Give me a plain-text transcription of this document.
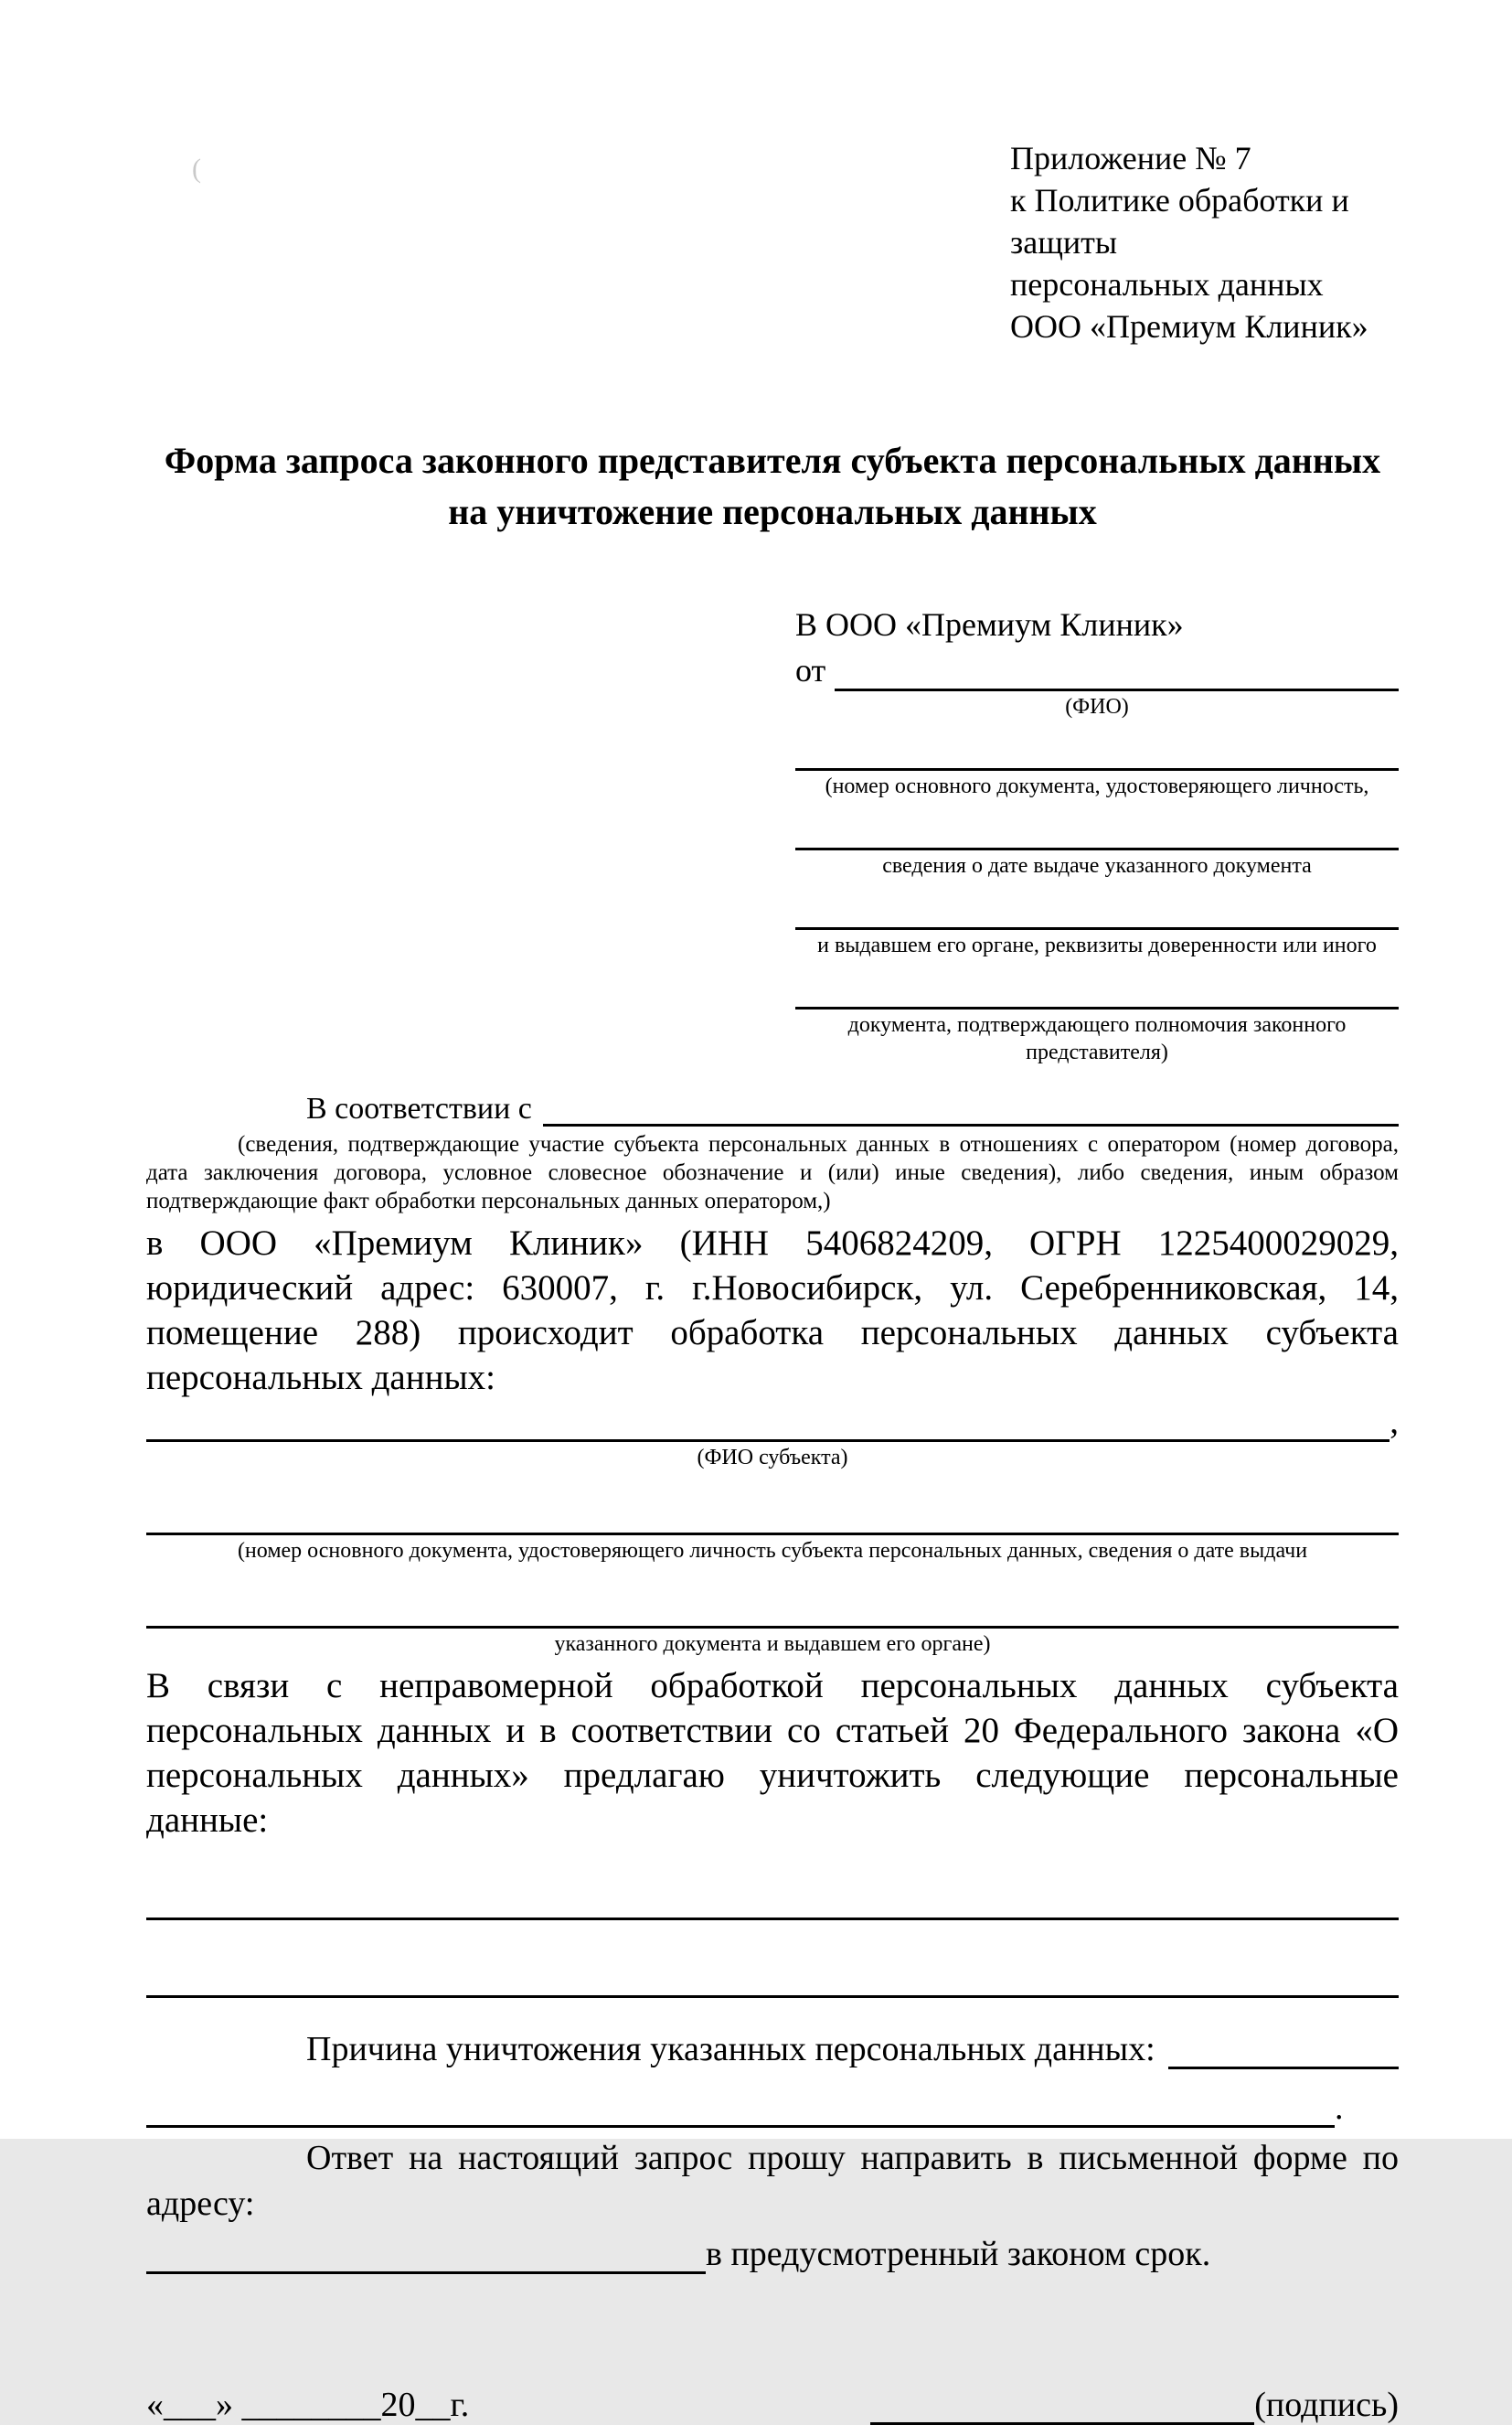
(	Приложение № 7
к Политике обработки и защиты
персональных данных
ООО «Премиум Клиник»
Форма запроса законного представителя субъекта персональных данных
на уничтожение персональных данных
В ООО «Премиум Клиник»
от
(ФИО)
(номер основного документа, удостоверяющего личность,
сведения о дате выдаче указанного документа
и выдавшем его органе, реквизиты доверенности или иного
документа, подтверждающего полномочия законного представителя)
В соответствии с
(сведения, подтверждающие участие субъекта персональных данных в отношениях с оператором (номер договора, дата заключения договора, условное словесное обозначение и (или) иные сведения), либо сведения, иным образом подтверждающие факт обработки персональных данных оператором,)
в ООО «Премиум Клиник» (ИНН 5406824209, ОГРН 1225400029029, юридический адрес: 630007, г. г.Новосибирск, ул. Серебренниковская, 14, помещение 288) происходит обработка персональных данных субъекта персональных данных:
,
(ФИО субъекта)
(номер основного документа, удостоверяющего личность субъекта персональных данных, сведения о дате выдачи
указанного документа и выдавшем его органе)
В связи с неправомерной обработкой персональных данных субъекта персональных данных и в соответствии со статьей 20 Федерального закона «О персональных данных» предлагаю уничтожить следующие персональные данные:
Причина уничтожения указанных персональных данных:
.
Ответ на настоящий запрос прошу направить в письменной форме по адресу:
в предусмотренный законом срок.
«___» ________20__г.	(подпись)
